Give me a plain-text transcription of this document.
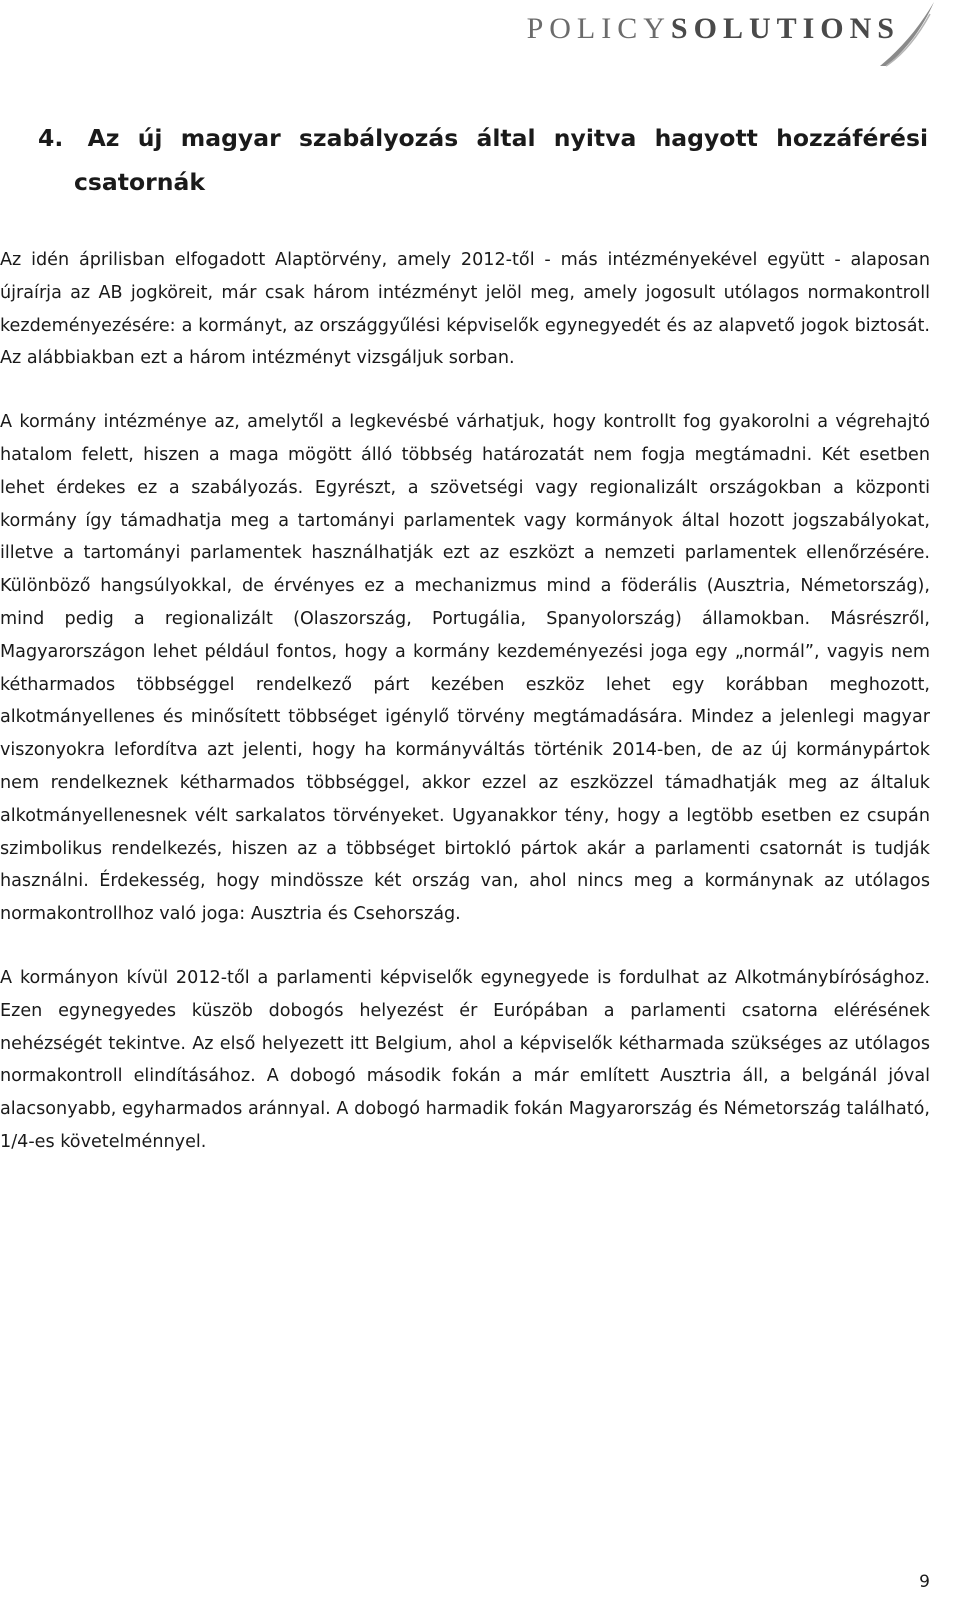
POLICYSOLUTIONS
4. Az új magyar szabályozás által nyitva hagyott hozzáférési
csatornák

Az idén áprilisban elfogadott Alaptörvény, amely 2012-től - más intézményekével együtt - alaposan újraírja az AB jogköreit, már csak három intézményt jelöl meg, amely jogosult utólagos normakontroll kezdeményezésére: a kormányt, az országgyűlési képviselők egynegyedét és az alapvető jogok biztosát. Az alábbiakban ezt a három intézményt vizsgáljuk sorban.

A kormány intézménye az, amelytől a legkevésbé várhatjuk, hogy kontrollt fog gyakorolni a végrehajtó hatalom felett, hiszen a maga mögött álló többség határozatát nem fogja megtámadni. Két esetben lehet érdekes ez a szabályozás. Egyrészt, a szövetségi vagy regionalizált országokban a központi kormány így támadhatja meg a tartományi parlamentek vagy kormányok által hozott jogszabályokat, illetve a tartományi parlamentek használhatják ezt az eszközt a nemzeti parlamentek ellenőrzésére. Különböző hangsúlyokkal, de érvényes ez a mechanizmus mind a föderális (Ausztria, Németország), mind pedig a regionalizált (Olaszország, Portugália, Spanyolország) államokban. Másrészről, Magyarországon lehet például fontos, hogy a kormány kezdeményezési joga egy „normál”, vagyis nem kétharmados többséggel rendelkező párt kezében eszköz lehet egy korábban meghozott, alkotmányellenes és minősített többséget igénylő törvény megtámadására. Mindez a jelenlegi magyar viszonyokra lefordítva azt jelenti, hogy ha kormányváltás történik 2014-ben, de az új kormánypártok nem rendelkeznek kétharmados többséggel, akkor ezzel az eszközzel támadhatják meg az általuk alkotmányellenesnek vélt sarkalatos törvényeket. Ugyanakkor tény, hogy a legtöbb esetben ez csupán szimbolikus rendelkezés, hiszen az a többséget birtokló pártok akár a parlamenti csatornát is tudják használni. Érdekesség, hogy mindössze két ország van, ahol nincs meg a kormánynak az utólagos normakontrollhoz való joga: Ausztria és Csehország.

A kormányon kívül 2012-től a parlamenti képviselők egynegyede is fordulhat az Alkotmánybírósághoz. Ezen egynegyedes küszöb dobogós helyezést ér Európában a parlamenti csatorna elérésének nehézségét tekintve. Az első helyezett itt Belgium, ahol a képviselők kétharmada szükséges az utólagos normakontroll elindításához. A dobogó második fokán a már említett Ausztria áll, a belgánál jóval alacsonyabb, egyharmados aránnyal. A dobogó harmadik fokán Magyarország és Németország található, 1/4-es követelménnyel.

9
